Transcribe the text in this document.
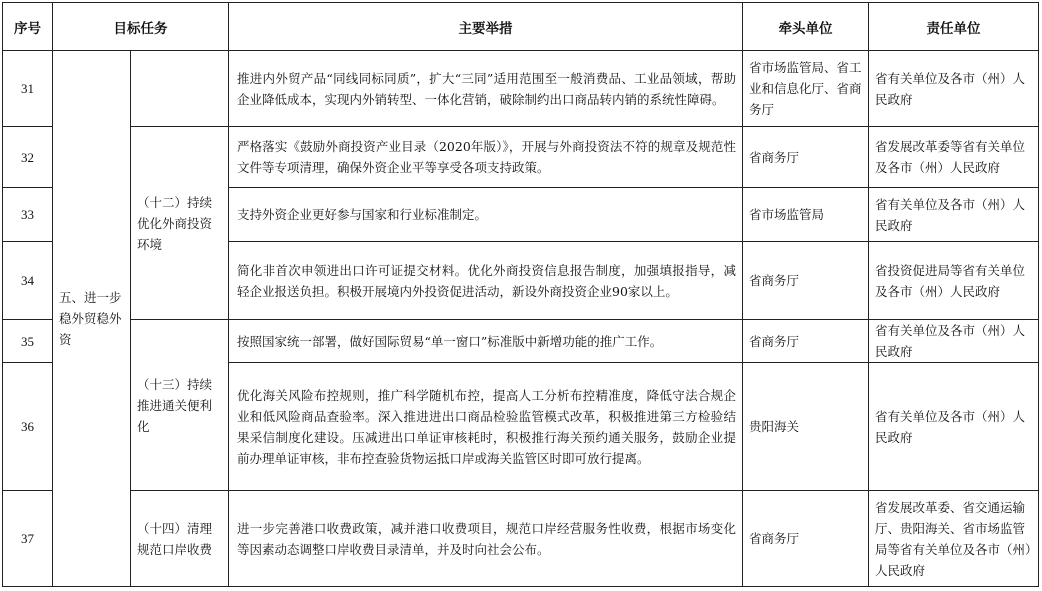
序号	目标任务		主要举措	牵头单位	责任单位
31	五、进一步稳外贸稳外资		推进内外贸产品“同线同标同质”，扩大“三同”适用范围至一般消费品、工业品领域，帮助企业降低成本，实现内外销转型、一体化营销，破除制约出口商品转内销的系统性障碍。	省市场监管局、省工业和信息化厅、省商务厅	省有关单位及各市（州）人民政府
32		（十二）持续优化外商投资环境	严格落实《鼓励外商投资产业目录（2020年版）》，开展与外商投资法不符的规章及规范性文件等专项清理，确保外资企业平等享受各项支持政策。	省商务厅	省发展改革委等省有关单位及各市（州）人民政府
33			支持外资企业更好参与国家和行业标准制定。	省市场监管局	省有关单位及各市（州）人民政府
34			简化非首次申领进出口许可证提交材料。优化外商投资信息报告制度，加强填报指导，减轻企业报送负担。积极开展境内外投资促进活动，新设外商投资企业90家以上。	省商务厅	省投资促进局等省有关单位及各市（州）人民政府
35		（十三）持续推进通关便利化	按照国家统一部署，做好国际贸易“单一窗口”标准版中新增功能的推广工作。	省商务厅	省有关单位及各市（州）人民政府
36			优化海关风险布控规则，推广科学随机布控，提高人工分析布控精准度，降低守法合规企业和低风险商品查验率。深入推进进出口商品检验监管模式改革，积极推进第三方检验结果采信制度化建设。压减进出口单证审核耗时，积极推行海关预约通关服务，鼓励企业提前办理单证审核，非布控查验货物运抵口岸或海关监管区时即可放行提离。	贵阳海关	省有关单位及各市（州）人民政府
37		（十四）清理规范口岸收费	进一步完善港口收费政策，减并港口收费项目，规范口岸经营服务性收费，根据市场变化等因素动态调整口岸收费目录清单，并及时向社会公布。	省商务厅	省发展改革委、省交通运输厅、贵阳海关、省市场监管局等省有关单位及各市（州）人民政府
